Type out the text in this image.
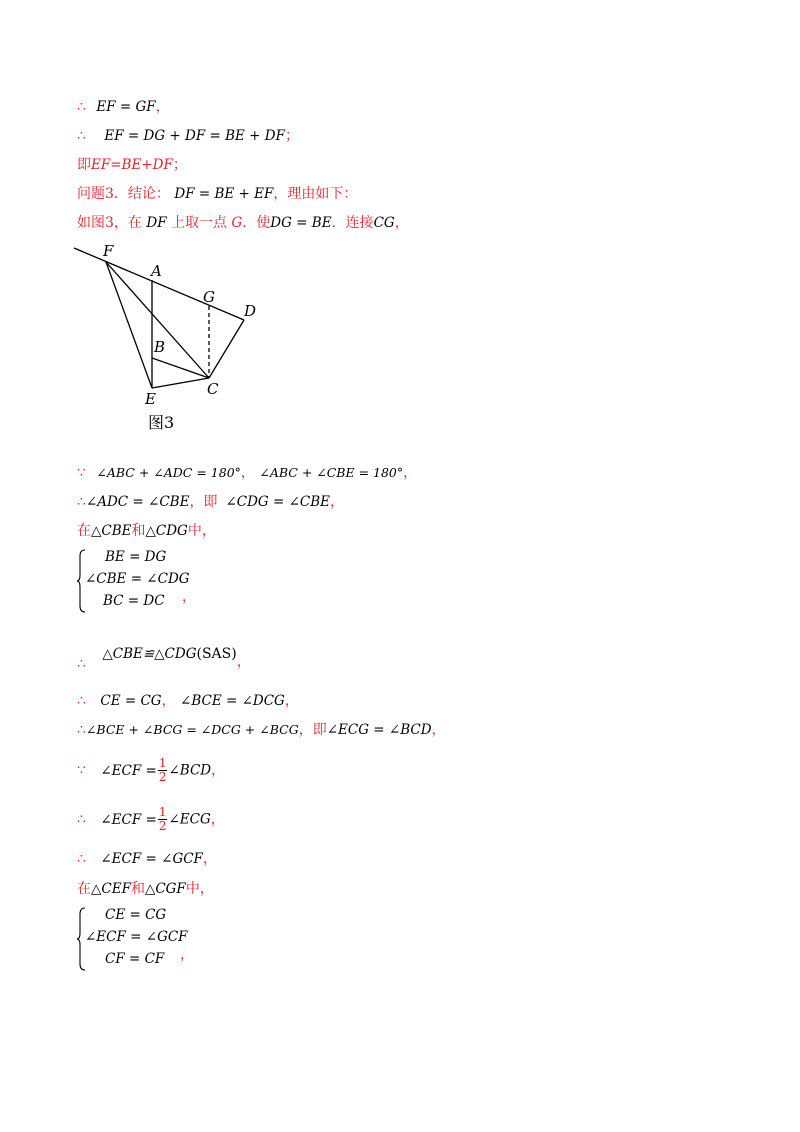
∴ EF = GF，
∴ EF = DG + DF = BE + DF；
即EF=BE+DF；
问题3．结论： DF = BE + EF，理由如下：
如图3，在 DF 上取一点 G．使DG = BE．连接CG，
F
A
G
D
B
C
E
图3
∵ ∠ABC + ∠ADC = 180°， ∠ABC + ∠CBE = 180°，
∴∠ADC = ∠CBE，即 ∠CDG = ∠CBE，
在△CBE和△CDG中，
BE = DG
∠CBE = ∠CDG
BC = DC ，
∴ △CBE≌△CDG(SAS)，
∴ CE = CG， ∠BCE = ∠DCG，
∴∠BCE + ∠BCG = ∠DCG + ∠BCG，即∠ECG = ∠BCD，
∵ ∠ECF = $\frac{1}{2}$ ∠BCD，
∴ ∠ECF = $\frac{1}{2}$ ∠ECG，
∴ ∠ECF = ∠GCF，
在△CEF和△CGF中，
CE = CG
∠ECF = ∠GCF
CF = CF ，
